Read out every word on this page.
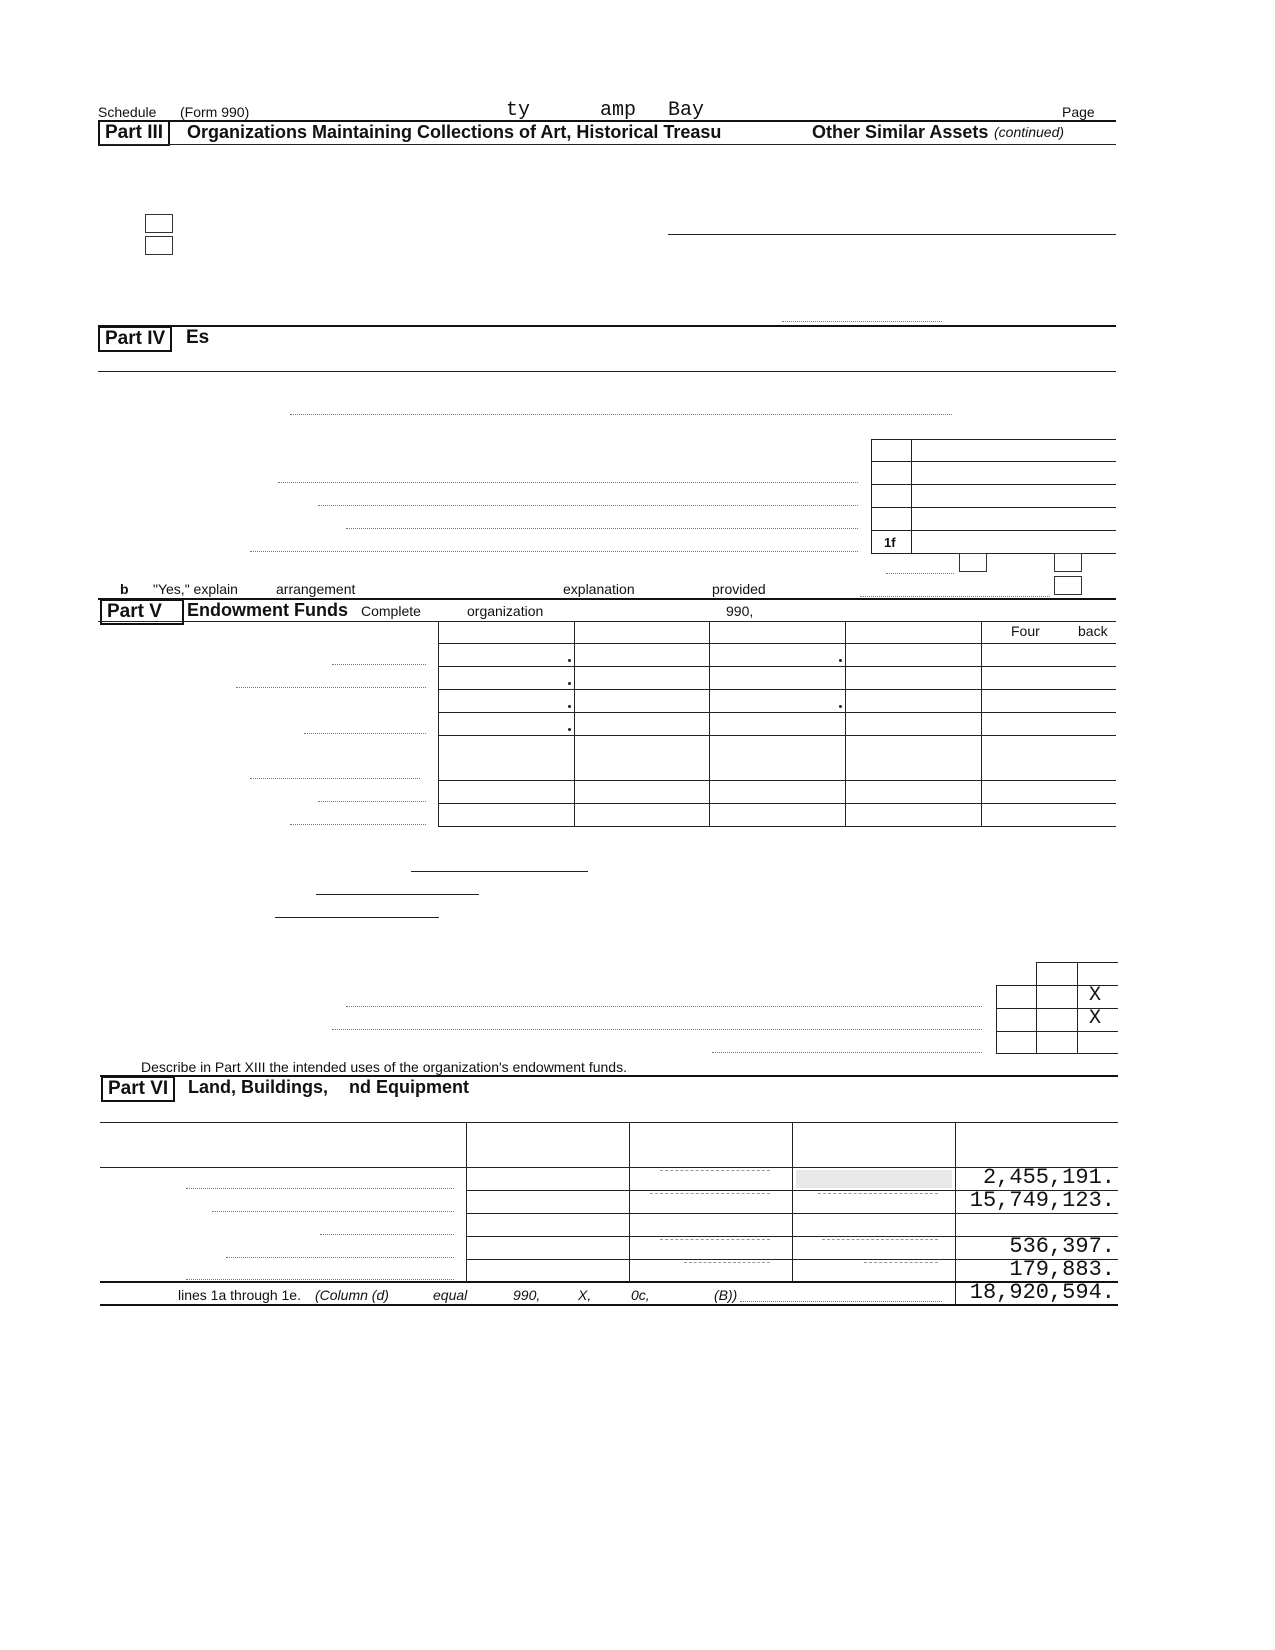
Schedule (Form 990)	ty	amp Bay	Page
Part III	Organizations Maintaining Collections of Art, Historical Treasu	Other Similar Assets (continued)
Part IV	Es
1f
b "Yes," explain	arrangement	explanation	provided
Part V	Endowment Funds Complete	organization	990,
Four	back
X
X
Describe in Part XIII the intended uses of the organization's endowment funds.
Part VI	Land, Buildings, nd Equipment
2,455,191.
15,749,123.
536,397.
179,883.
lines 1a through 1e. (Column (d)	equal	990,	X,	0c,	(B))	18,920,594.
